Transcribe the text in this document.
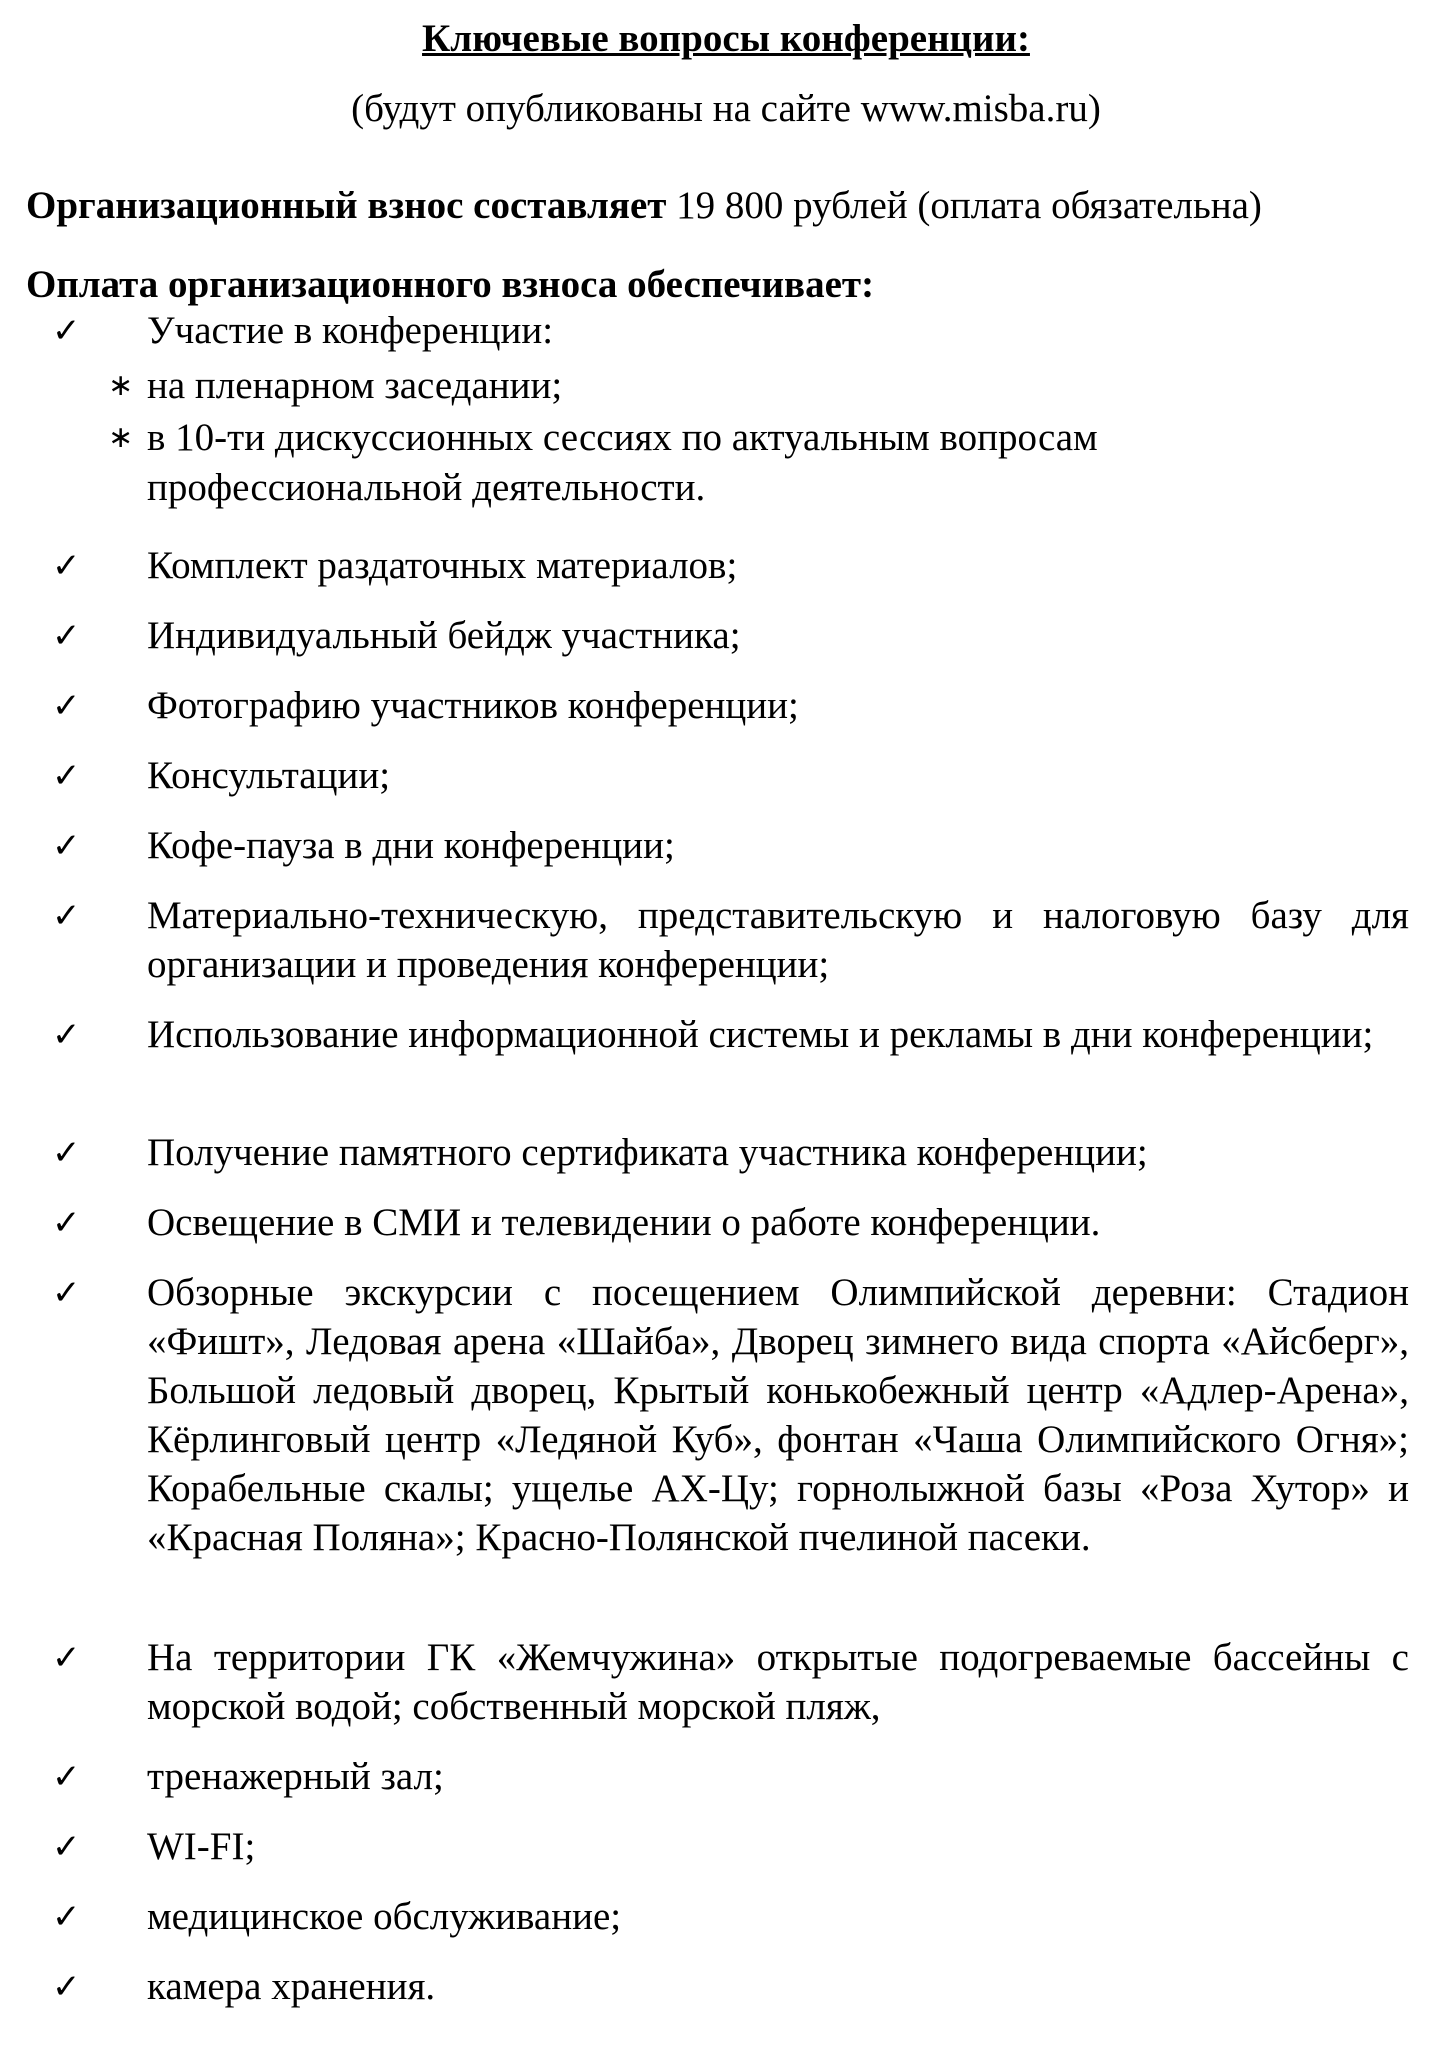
Ключевые вопросы конференции:
(будут опубликованы на сайте www.misba.ru)
Организационный взнос составляет 19 800 рублей (оплата обязательна)
Оплата организационного взноса обеспечивает:
✓ Участие в конференции:
∗ на пленарном заседании;
∗ в 10-ти дискуссионных сессиях по актуальным вопросам профессиональной деятельности.
✓ Комплект раздаточных материалов;
✓ Индивидуальный бейдж участника;
✓ Фотографию участников конференции;
✓ Консультации;
✓ Кофе-пауза в дни конференции;
✓ Материально-техническую, представительскую и налоговую базу для организации и проведения конференции;
✓ Использование информационной системы и рекламы в дни конференции;
✓ Получение памятного сертификата участника конференции;
✓ Освещение в СМИ и телевидении о работе конференции.
✓ Обзорные экскурсии с посещением Олимпийской деревни: Стадион «Фишт», Ледовая арена «Шайба», Дворец зимнего вида спорта «Айсберг», Большой ледовый дворец, Крытый конькобежный центр «Адлер-Арена», Кёрлинговый центр «Ледяной Куб», фонтан «Чаша Олимпийского Огня»; Корабельные скалы; ущелье АХ-Цу; горнолыжной базы «Роза Хутор» и «Красная Поляна»; Красно-Полянской пчелиной пасеки.
✓ На территории ГК «Жемчужина» открытые подогреваемые бассейны с морской водой; собственный морской пляж,
✓ тренажерный зал;
✓ WI-FI;
✓ медицинское обслуживание;
✓ камера хранения.
